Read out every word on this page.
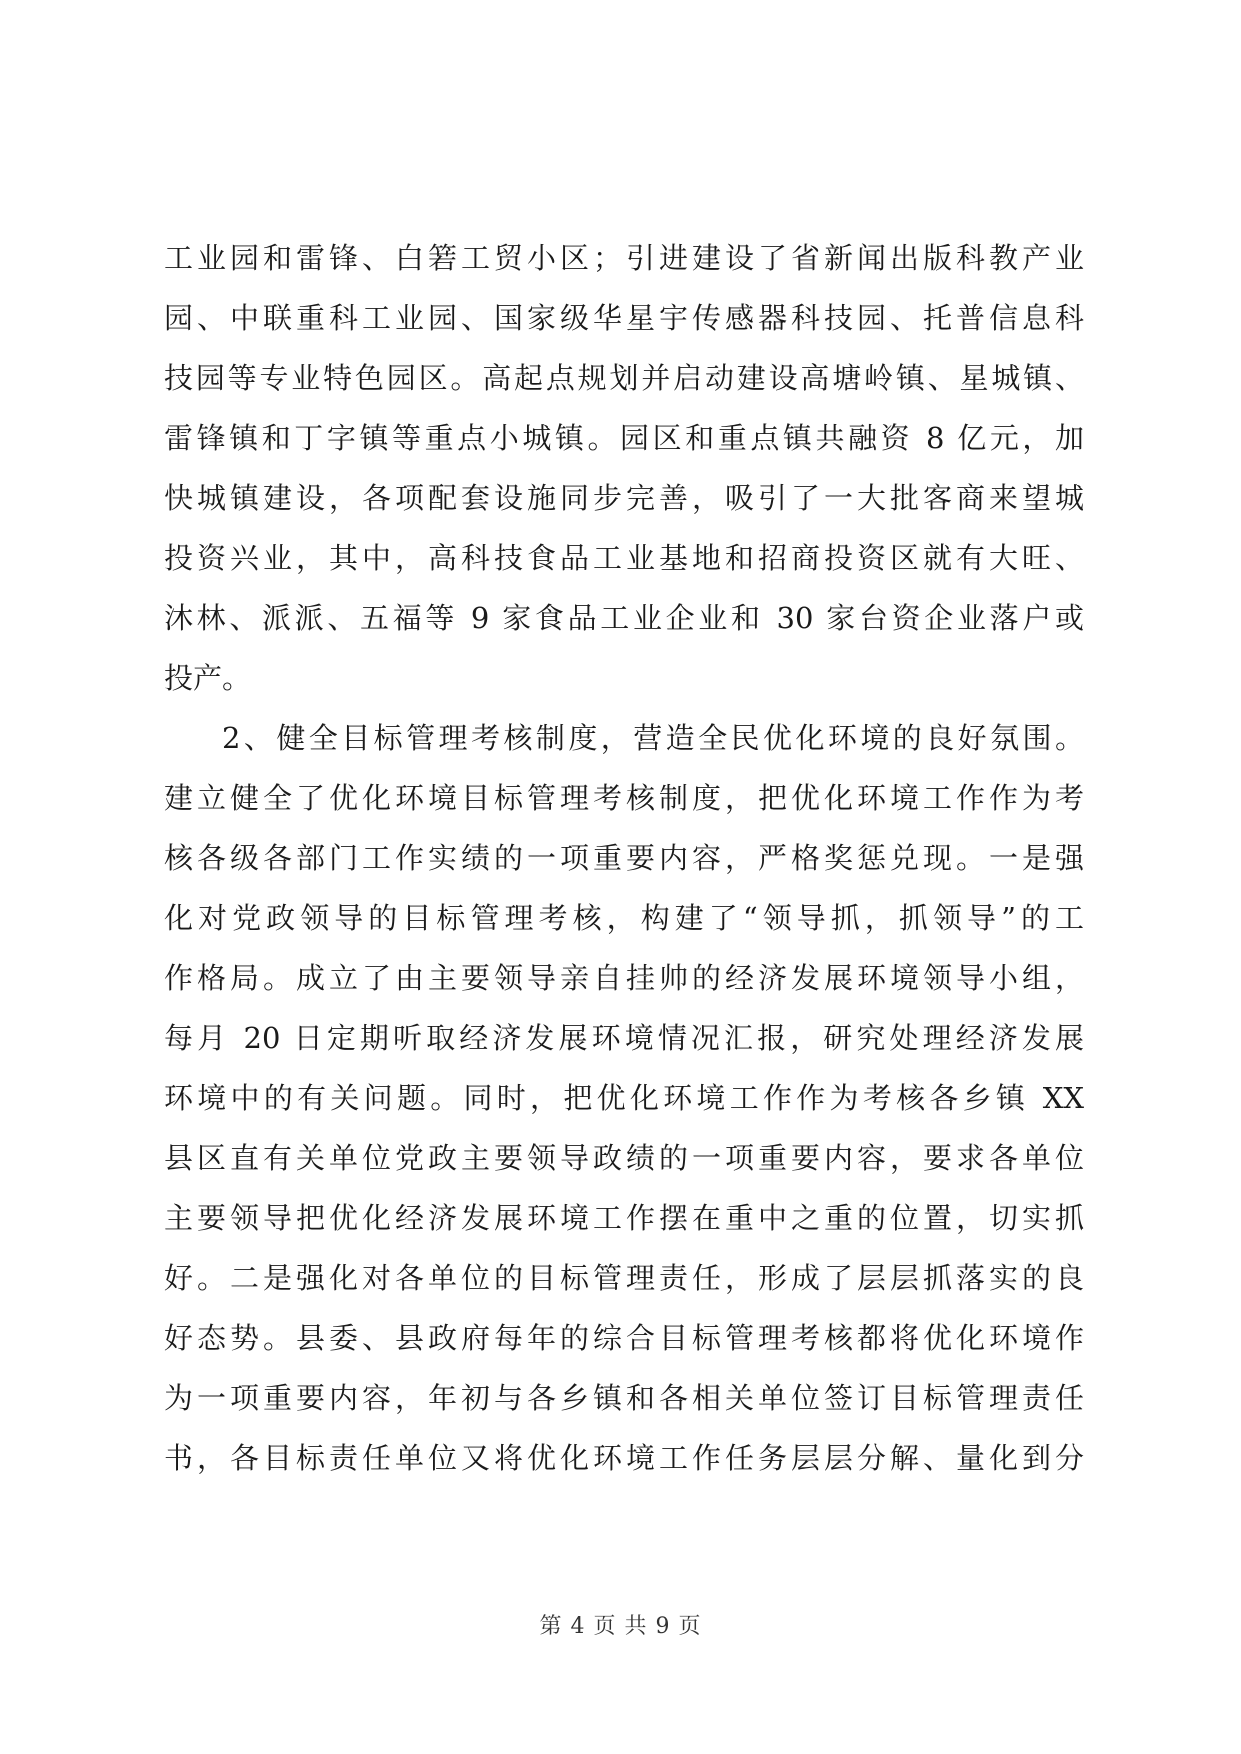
工业园和雷锋、白箬工贸小区；引进建设了省新闻出版科教产业
园、中联重科工业园、国家级华星宇传感器科技园、托普信息科
技园等专业特色园区。高起点规划并启动建设高塘岭镇、星城镇、
雷锋镇和丁字镇等重点小城镇。园区和重点镇共融资 8 亿元，加
快城镇建设，各项配套设施同步完善，吸引了一大批客商来望城
投资兴业，其中，高科技食品工业基地和招商投资区就有大旺、
沐林、派派、五福等 9 家食品工业企业和 30 家台资企业落户或
投产。
2、健全目标管理考核制度，营造全民优化环境的良好氛围。
建立健全了优化环境目标管理考核制度，把优化环境工作作为考
核各级各部门工作实绩的一项重要内容，严格奖惩兑现。一是强
化对党政领导的目标管理考核，构建了“领导抓，抓领导”的工
作格局。成立了由主要领导亲自挂帅的经济发展环境领导小组，
每月 20 日定期听取经济发展环境情况汇报，研究处理经济发展
环境中的有关问题。同时，把优化环境工作作为考核各乡镇 XX
县区直有关单位党政主要领导政绩的一项重要内容，要求各单位
主要领导把优化经济发展环境工作摆在重中之重的位置，切实抓
好。二是强化对各单位的目标管理责任，形成了层层抓落实的良
好态势。县委、县政府每年的综合目标管理考核都将优化环境作
为一项重要内容，年初与各乡镇和各相关单位签订目标管理责任
书，各目标责任单位又将优化环境工作任务层层分解、量化到分
第 4 页 共 9 页
